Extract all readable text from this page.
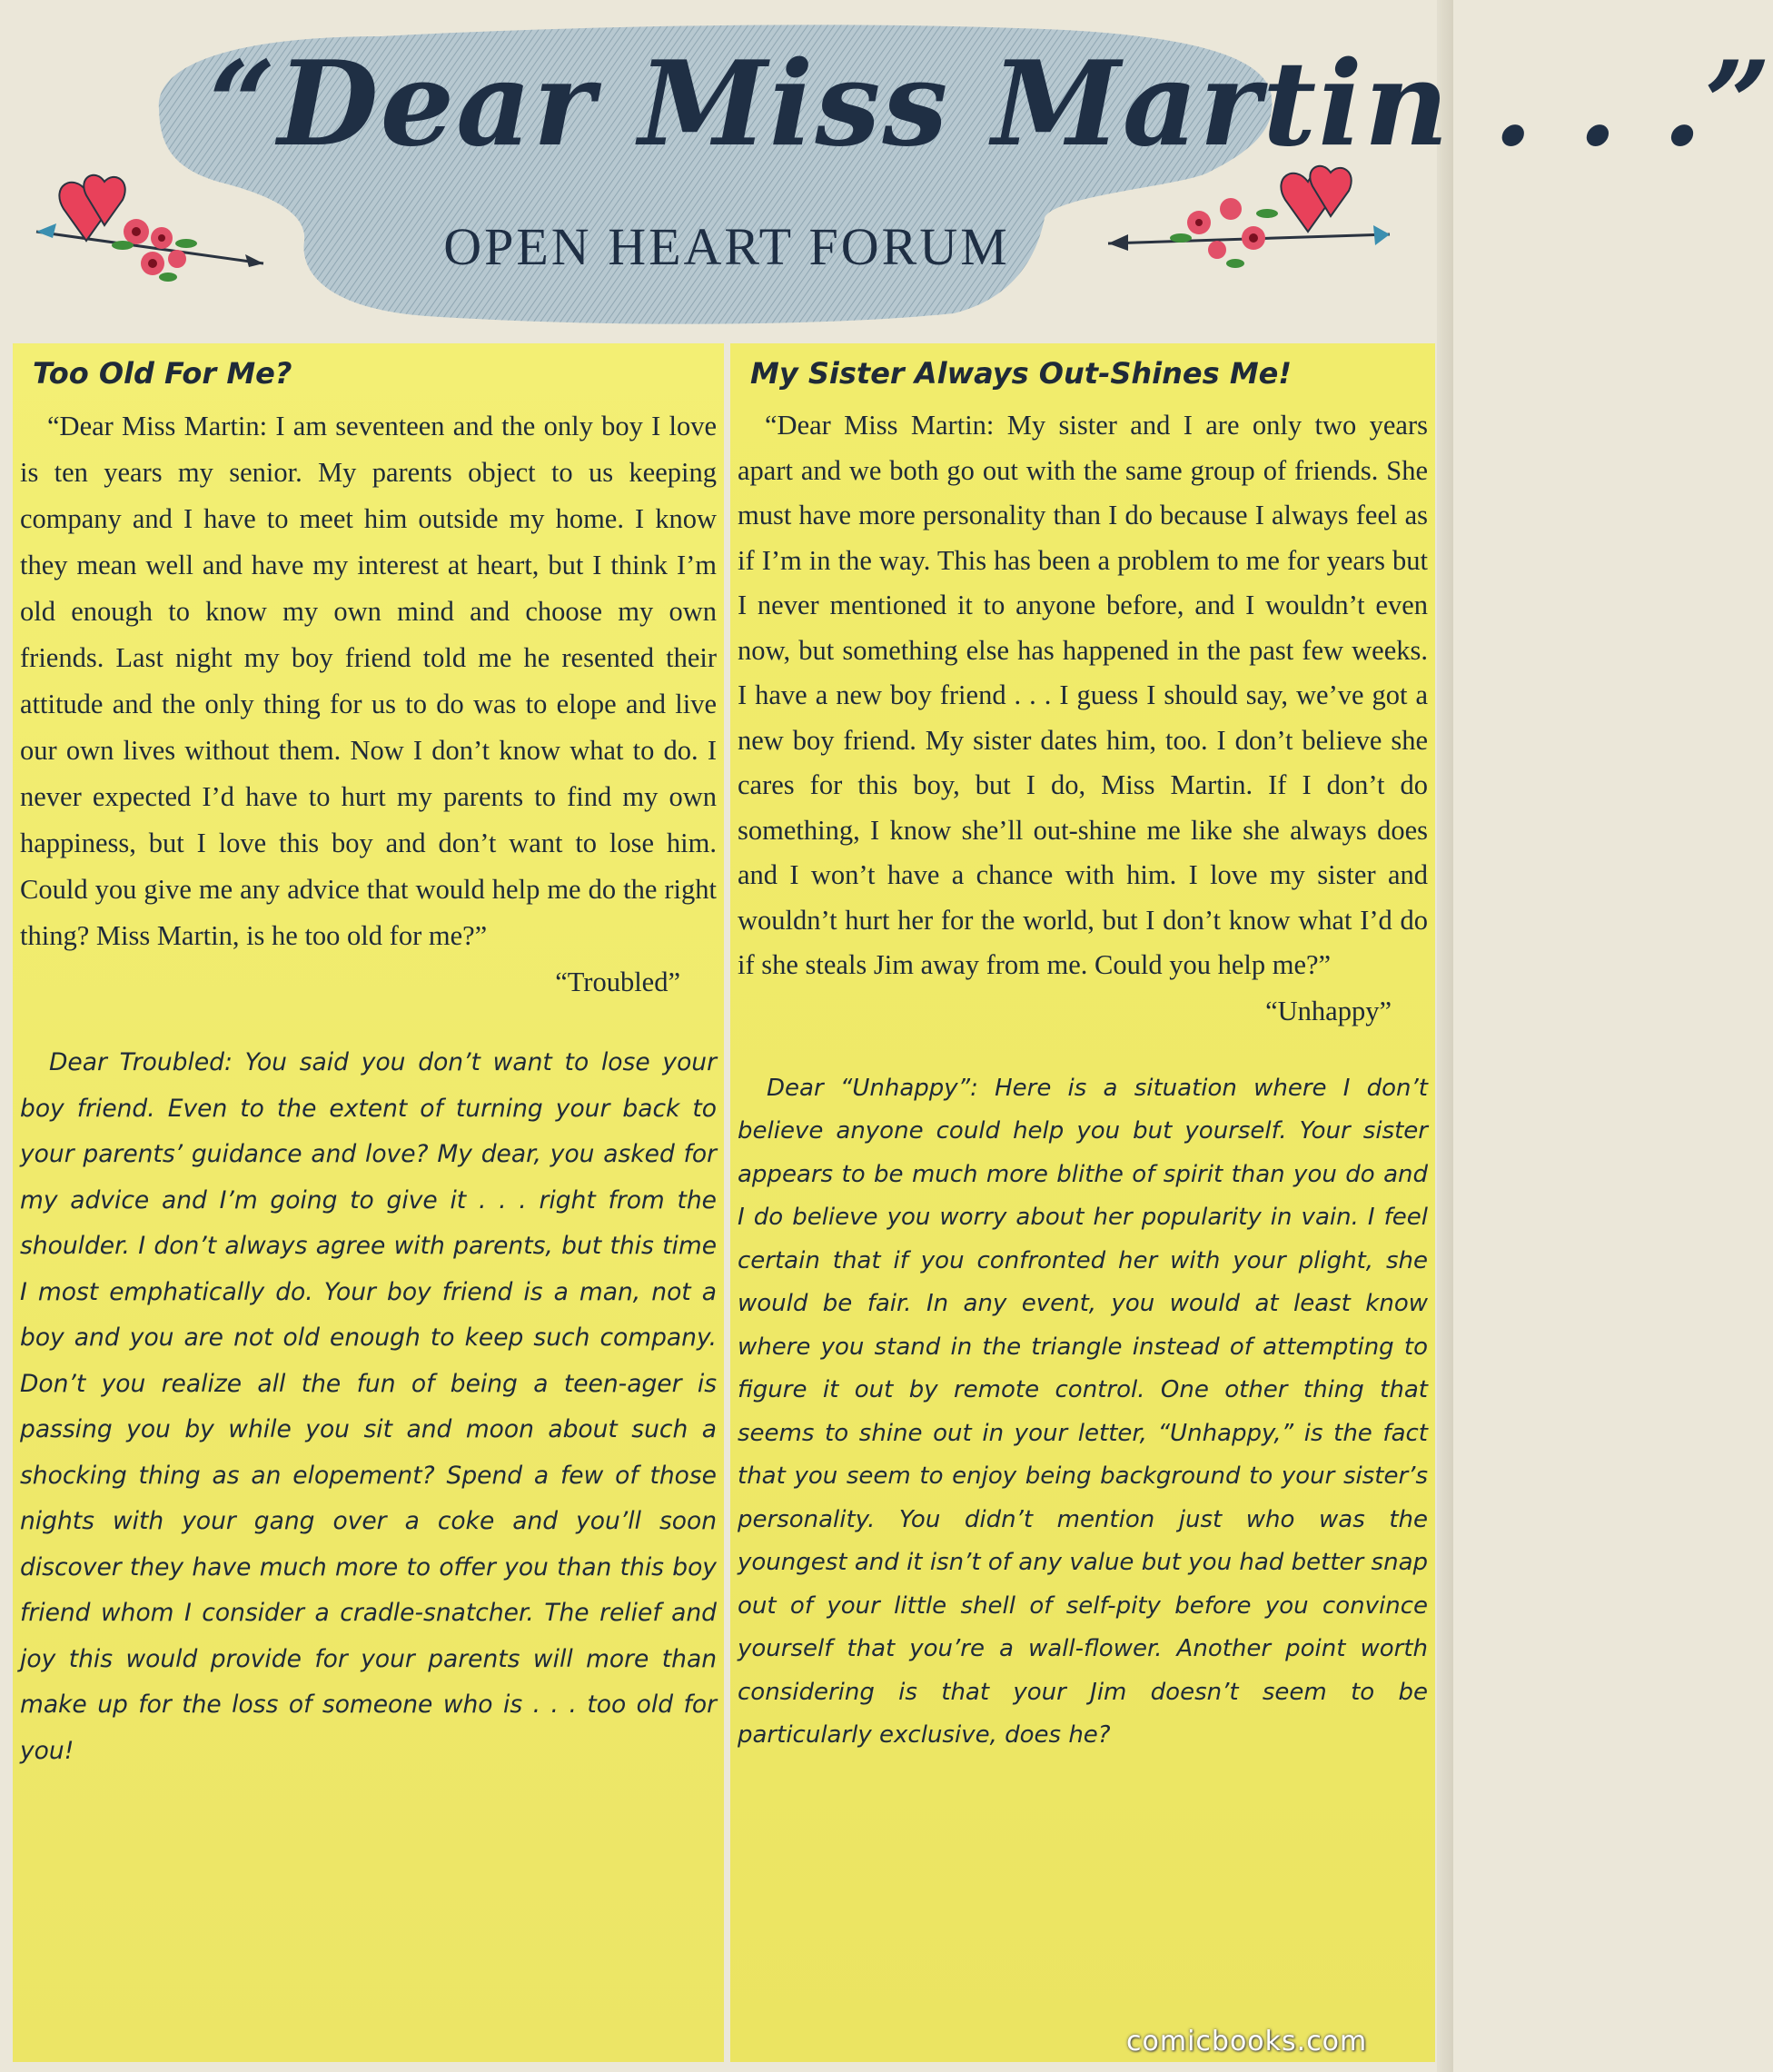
“Dear Miss Martin . . .”
OPEN HEART FORUM
Too Old For Me?

“Dear Miss Martin: I am seventeen and the only boy I love is ten years my senior. My parents object to us keeping company and I have to meet him outside my home. I know they mean well and have my interest at heart, but I think I’m old enough to know my own mind and choose my own friends. Last night my boy friend told me he resented their attitude and the only thing for us to do was to elope and live our own lives without them. Now I don’t know what to do. I never expected I’d have to hurt my parents to find my own happiness, but I love this boy and don’t want to lose him. Could you give me any advice that would help me do the right thing? Miss Martin, is he too old for me?”

“Troubled”

Dear Troubled: You said you don’t want to lose your boy friend. Even to the extent of turning your back to your parents’ guidance and love? My dear, you asked for my advice and I’m going to give it . . . right from the shoulder. I don’t always agree with parents, but this time I most emphatically do. Your boy friend is a man, not a boy and you are not old enough to keep such company. Don’t you realize all the fun of being a teen-ager is passing you by while you sit and moon about such a shocking thing as an elopement? Spend a few of those nights with your gang over a coke and you’ll soon discover they have much more to offer you than this boy friend whom I consider a cradle-snatcher. The relief and joy this would provide for your parents will more than make up for the loss of someone who is . . . too old for you!

My Sister Always Out-Shines Me!

“Dear Miss Martin: My sister and I are only two years apart and we both go out with the same group of friends. She must have more personality than I do because I always feel as if I’m in the way. This has been a problem to me for years but I never mentioned it to anyone before, and I wouldn’t even now, but something else has happened in the past few weeks. I have a new boy friend . . . I guess I should say, we’ve got a new boy friend. My sister dates him, too. I don’t believe she cares for this boy, but I do, Miss Martin. If I don’t do something, I know she’ll out-shine me like she always does and I won’t have a chance with him. I love my sister and wouldn’t hurt her for the world, but I don’t know what I’d do if she steals Jim away from me. Could you help me?”

“Unhappy”

Dear “Unhappy”: Here is a situation where I don’t believe anyone could help you but yourself. Your sister appears to be much more blithe of spirit than you do and I do believe you worry about her popularity in vain. I feel certain that if you confronted her with your plight, she would be fair. In any event, you would at least know where you stand in the triangle instead of attempting to figure it out by remote control. One other thing that seems to shine out in your letter, “Unhappy,” is the fact that you seem to enjoy being background to your sister’s personality. You didn’t mention just who was the youngest and it isn’t of any value but you had better snap out of your little shell of self-pity before you convince yourself that you’re a wall-flower. Another point worth considering is that your Jim doesn’t seem to be particularly exclusive, does he?

comicbooks.com
